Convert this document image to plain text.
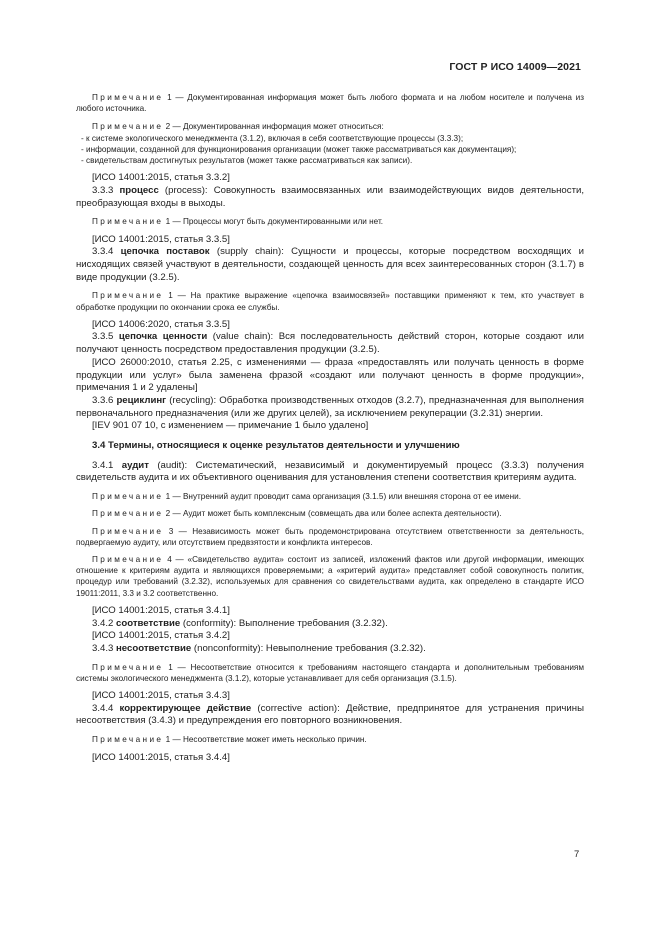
ГОСТ Р ИСО 14009—2021

Примечание 1 — Документированная информация может быть любого формата и на любом носителе и получена из любого источника.

Примечание 2 — Документированная информация может относиться:

- к системе экологического менеджмента (3.1.2), включая в себя соответствующие процессы (3.3.3);

- информации, созданной для функционирования организации (может также рассматриваться как документация);

- свидетельствам достигнутых результатов (может также рассматриваться как записи).

[ИСО 14001:2015, статья 3.3.2]

3.3.3 процесс (process): Совокупность взаимосвязанных или взаимодействующих видов деятельности, преобразующая входы в выходы.

Примечание 1 — Процессы могут быть документированными или нет.

[ИСО 14001:2015, статья 3.3.5]

3.3.4 цепочка поставок (supply chain): Сущности и процессы, которые посредством восходящих и нисходящих связей участвуют в деятельности, создающей ценность для всех заинтересованных сторон (3.1.7) в виде продукции (3.2.5).

Примечание 1 — На практике выражение «цепочка взаимосвязей» поставщики применяют к тем, кто участвует в обработке продукции по окончании срока ее службы.

[ИСО 14006:2020, статья 3.3.5]

3.3.5 цепочка ценности (value chain): Вся последовательность действий сторон, которые создают или получают ценность посредством предоставления продукции (3.2.5).

[ИСО 26000:2010, статья 2.25, с изменениями — фраза «предоставлять или получать ценность в форме продукции или услуг» была заменена фразой «создают или получают ценность в форме продукции», примечания 1 и 2 удалены]

3.3.6 рециклинг (recycling): Обработка производственных отходов (3.2.7), предназначенная для выполнения первоначального предназначения (или же других целей), за исключением рекуперации (3.2.31) энергии.

[IEV 901 07 10, с изменением — примечание 1 было удалено]

3.4 Термины, относящиеся к оценке результатов деятельности и улучшению

3.4.1 аудит (audit): Систематический, независимый и документируемый процесс (3.3.3) получения свидетельств аудита и их объективного оценивания для установления степени соответствия критериям аудита.

Примечание 1 — Внутренний аудит проводит сама организация (3.1.5) или внешняя сторона от ее имени.

Примечание 2 — Аудит может быть комплексным (совмещать два или более аспекта деятельности).

Примечание 3 — Независимость может быть продемонстрирована отсутствием ответственности за деятельность, подвергаемую аудиту, или отсутствием предвзятости и конфликта интересов.

Примечание 4 — «Свидетельство аудита» состоит из записей, изложений фактов или другой информации, имеющих отношение к критериям аудита и являющихся проверяемыми; а «критерий аудита» представляет собой совокупность политик, процедур или требований (3.2.32), используемых для сравнения со свидетельствами аудита, как определено в стандарте ИСО 19011:2011, 3.3 и 3.2 соответственно.

[ИСО 14001:2015, статья 3.4.1]

3.4.2 соответствие (conformity): Выполнение требования (3.2.32).

[ИСО 14001:2015, статья 3.4.2]

3.4.3 несоответствие (nonconformity): Невыполнение требования (3.2.32).

Примечание 1 — Несоответствие относится к требованиям настоящего стандарта и дополнительным требованиям системы экологического менеджмента (3.1.2), которые устанавливает для себя организация (3.1.5).

[ИСО 14001:2015, статья 3.4.3]

3.4.4 корректирующее действие (corrective action): Действие, предпринятое для устранения причины несоответствия (3.4.3) и предупреждения его повторного возникновения.

Примечание 1 — Несоответствие может иметь несколько причин.

[ИСО 14001:2015, статья 3.4.4]

7
